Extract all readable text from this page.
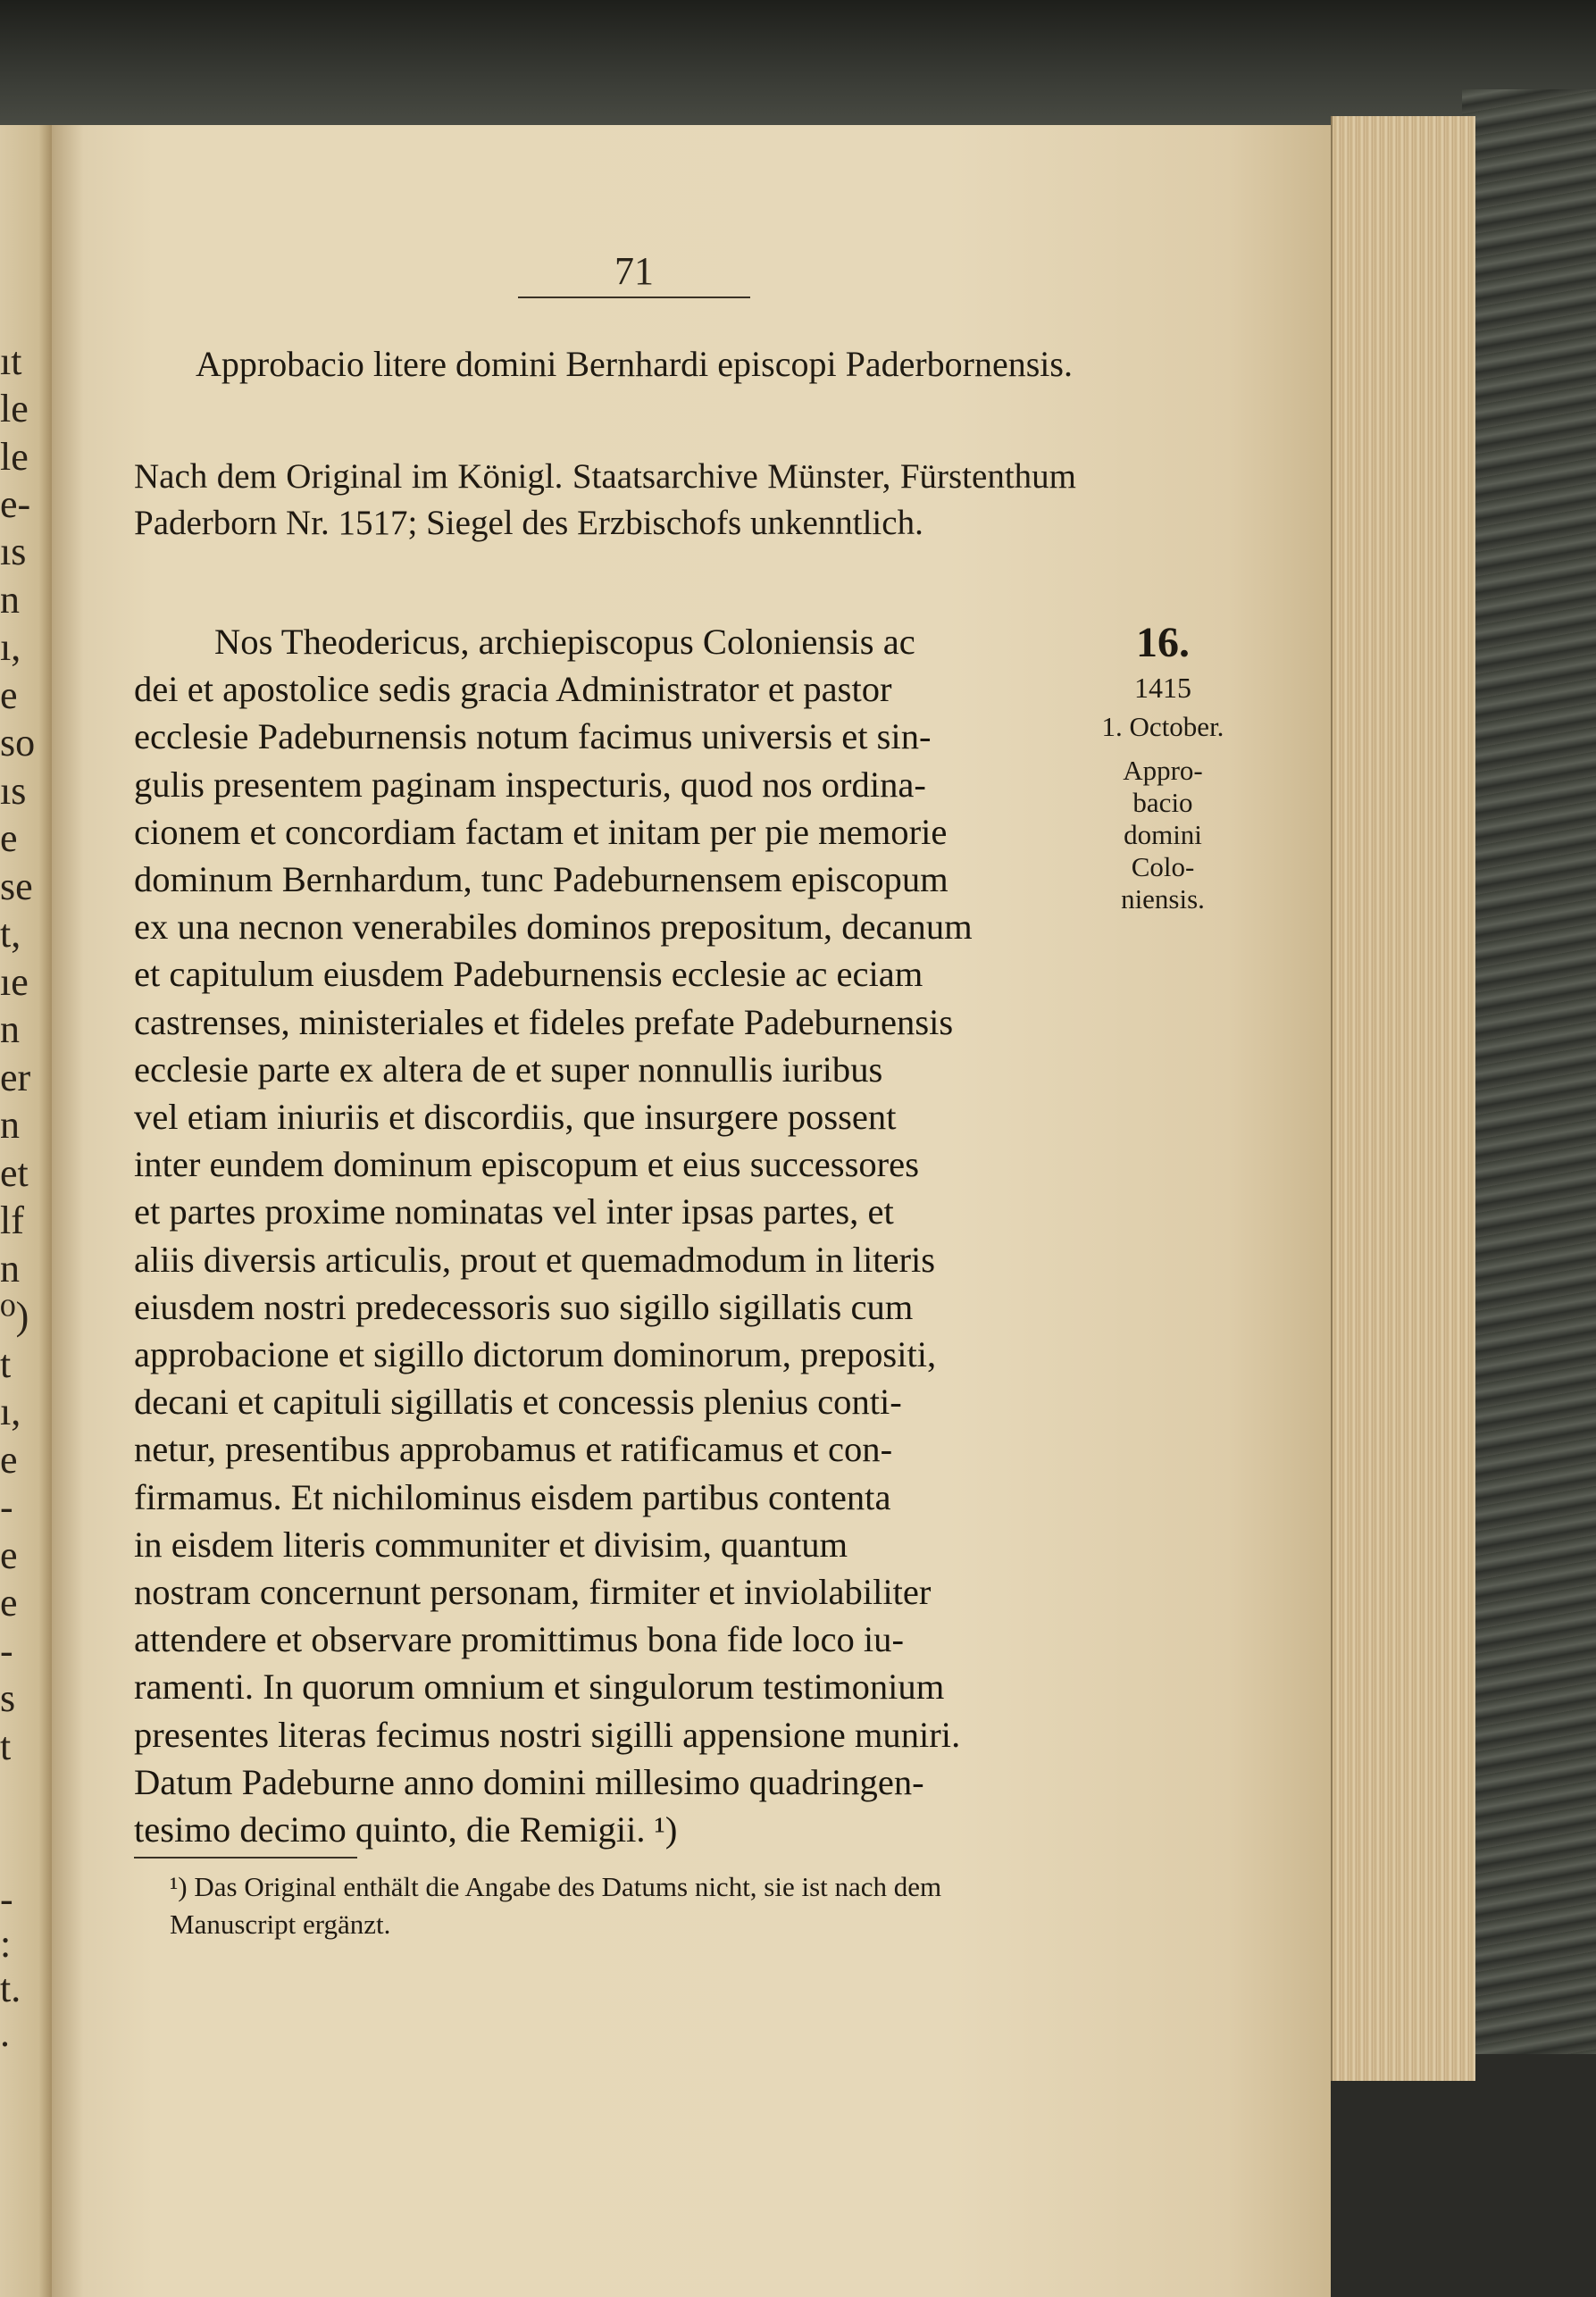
ıt
le
le
e-
ıs
n
ı,
e
so
ıs
e
se
t,
ıe
n
er
n
et
lf
n
⁰)
t
ı,
e
-
e
e
-
s
t
-
:
t.
.
71
Approbacio litere domini Bernhardi episcopi Paderbornensis.
Nach dem Original im Königl. Staatsarchive Münster, Fürstenthum Paderborn Nr. 1517; Siegel des Erzbischofs unkenntlich.
Nos Theodericus, archiepiscopus Coloniensis ac
dei et apostolice sedis gracia Administrator et pastor
ecclesie Padeburnensis notum facimus universis et sin-
gulis presentem paginam inspecturis, quod nos ordina-
cionem et concordiam factam et initam per pie memorie
dominum Bernhardum, tunc Padeburnensem episcopum
ex una necnon venerabiles dominos prepositum, decanum
et capitulum eiusdem Padeburnensis ecclesie ac eciam
castrenses, ministeriales et fideles prefate Padeburnensis
ecclesie parte ex altera de et super nonnullis iuribus
vel etiam iniuriis et discordiis, que insurgere possent
inter eundem dominum episcopum et eius successores
et partes proxime nominatas vel inter ipsas partes, et
aliis diversis articulis, prout et quemadmodum in literis
eiusdem nostri predecessoris suo sigillo sigillatis cum
approbacione et sigillo dictorum dominorum, prepositi,
decani et capituli sigillatis et concessis plenius conti-
netur, presentibus approbamus et ratificamus et con-
firmamus. Et nichilominus eisdem partibus contenta
in eisdem literis communiter et divisim, quantum
nostram concernunt personam, firmiter et inviolabiliter
attendere et observare promittimus bona fide loco iu-
ramenti. In quorum omnium et singulorum testimonium
presentes literas fecimus nostri sigilli appensione muniri.
Datum Padeburne anno domini millesimo quadringen-
tesimo decimo quinto, die Remigii. ¹)
16.
1415
1. October.
Appro-
bacio
domini
Colo-
niensis.
¹) Das Original enthält die Angabe des Datums nicht, sie ist nach dem Manuscript ergänzt.
